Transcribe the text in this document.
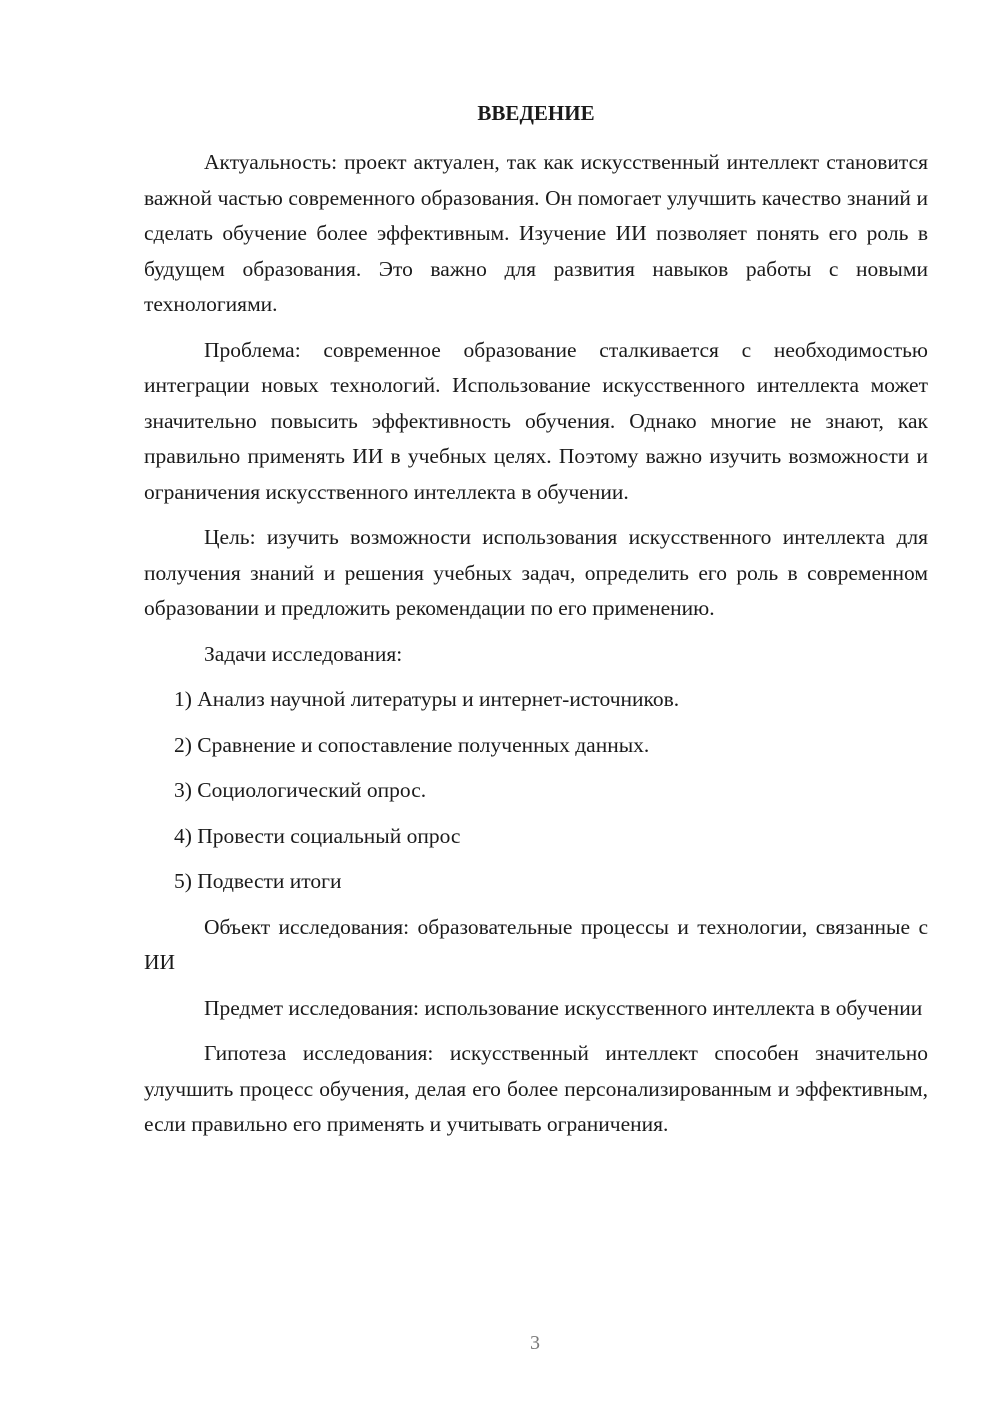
ВВЕДЕНИЕ

Актуальность: проект актуален, так как искусственный интеллект становится важной частью современного образования. Он помогает улучшить качество знаний и сделать обучение более эффективным. Изучение ИИ позволяет понять его роль в будущем образования. Это важно для развития навыков работы с новыми технологиями.

Проблема: современное образование сталкивается с необходимостью интеграции новых технологий. Использование искусственного интеллекта может значительно повысить эффективность обучения. Однако многие не знают, как правильно применять ИИ в учебных целях. Поэтому важно изучить возможности и ограничения искусственного интеллекта в обучении.

Цель: изучить возможности использования искусственного интеллекта для получения знаний и решения учебных задач, определить его роль в современном образовании и предложить рекомендации по его применению.

Задачи исследования:

1) Анализ научной литературы и интернет-источников.
2) Сравнение и сопоставление полученных данных.
3) Социологический опрос.
4) Провести социальный опрос
5) Подвести итоги

Объект исследования: образовательные процессы и технологии, связанные с ИИ

Предмет исследования: использование искусственного интеллекта в обучении

Гипотеза исследования: искусственный интеллект способен значительно улучшить процесс обучения, делая его более персонализированным и эффективным, если правильно его применять и учитывать ограничения.

3
